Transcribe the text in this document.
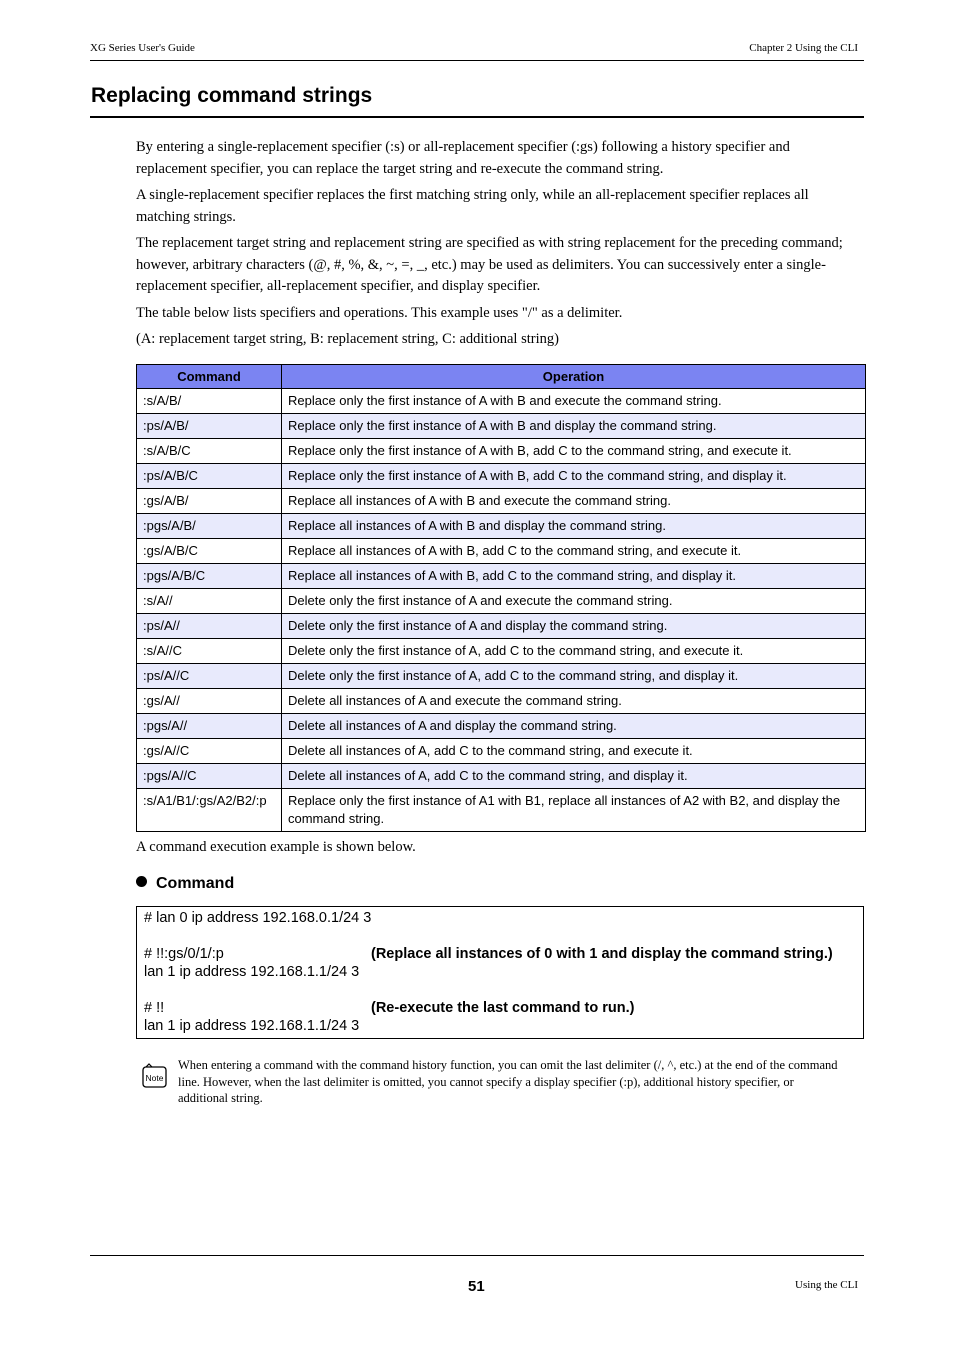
XG Series User's Guide	Chapter 2 Using the CLI
Replacing command strings

By entering a single-replacement specifier (:s) or all-replacement specifier (:gs) following a history specifier and replacement specifier, you can replace the target string and re-execute the command string.

A single-replacement specifier replaces the first matching string only, while an all-replacement specifier replaces all matching strings.

The replacement target string and replacement string are specified as with string replacement for the preceding command; however, arbitrary characters (@, #, %, &, ~, =, _, etc.) may be used as delimiters. You can successively enter a single-replacement specifier, all-replacement specifier, and display specifier.

The table below lists specifiers and operations. This example uses "/" as a delimiter.

(A: replacement target string, B: replacement string, C: additional string)

Command	Operation
:s/A/B/	Replace only the first instance of A with B and execute the command string.
:ps/A/B/	Replace only the first instance of A with B and display the command string.
:s/A/B/C	Replace only the first instance of A with B, add C to the command string, and execute it.
:ps/A/B/C	Replace only the first instance of A with B, add C to the command string, and display it.
:gs/A/B/	Replace all instances of A with B and execute the command string.
:pgs/A/B/	Replace all instances of A with B and display the command string.
:gs/A/B/C	Replace all instances of A with B, add C to the command string, and execute it.
:pgs/A/B/C	Replace all instances of A with B, add C to the command string, and display it.
:s/A//	Delete only the first instance of A and execute the command string.
:ps/A//	Delete only the first instance of A and display the command string.
:s/A//C	Delete only the first instance of A, add C to the command string, and execute it.
:ps/A//C	Delete only the first instance of A, add C to the command string, and display it.
:gs/A//	Delete all instances of A and execute the command string.
:pgs/A//	Delete all instances of A and display the command string.
:gs/A//C	Delete all instances of A, add C to the command string, and execute it.
:pgs/A//C	Delete all instances of A, add C to the command string, and display it.
:s/A1/B1/:gs/A2/B2/:p	Replace only the first instance of A1 with B1, replace all instances of A2 with B2, and display the command string.
A command execution example is shown below.
Command
# lan 0 ip address 192.168.0.1/24 3
# !!:gs/0/1/:p	(Replace all instances of 0 with 1 and display the command string.)
lan 1 ip address 192.168.1.1/24 3
# !!	(Re-execute the last command to run.)
lan 1 ip address 192.168.1.1/24 3
Note
When entering a command with the command history function, you can omit the last delimiter (/, ^, etc.) at the end of the command line. However, when the last delimiter is omitted, you cannot specify a display specifier (:p), additional history specifier, or additional string.
51	Using the CLI
